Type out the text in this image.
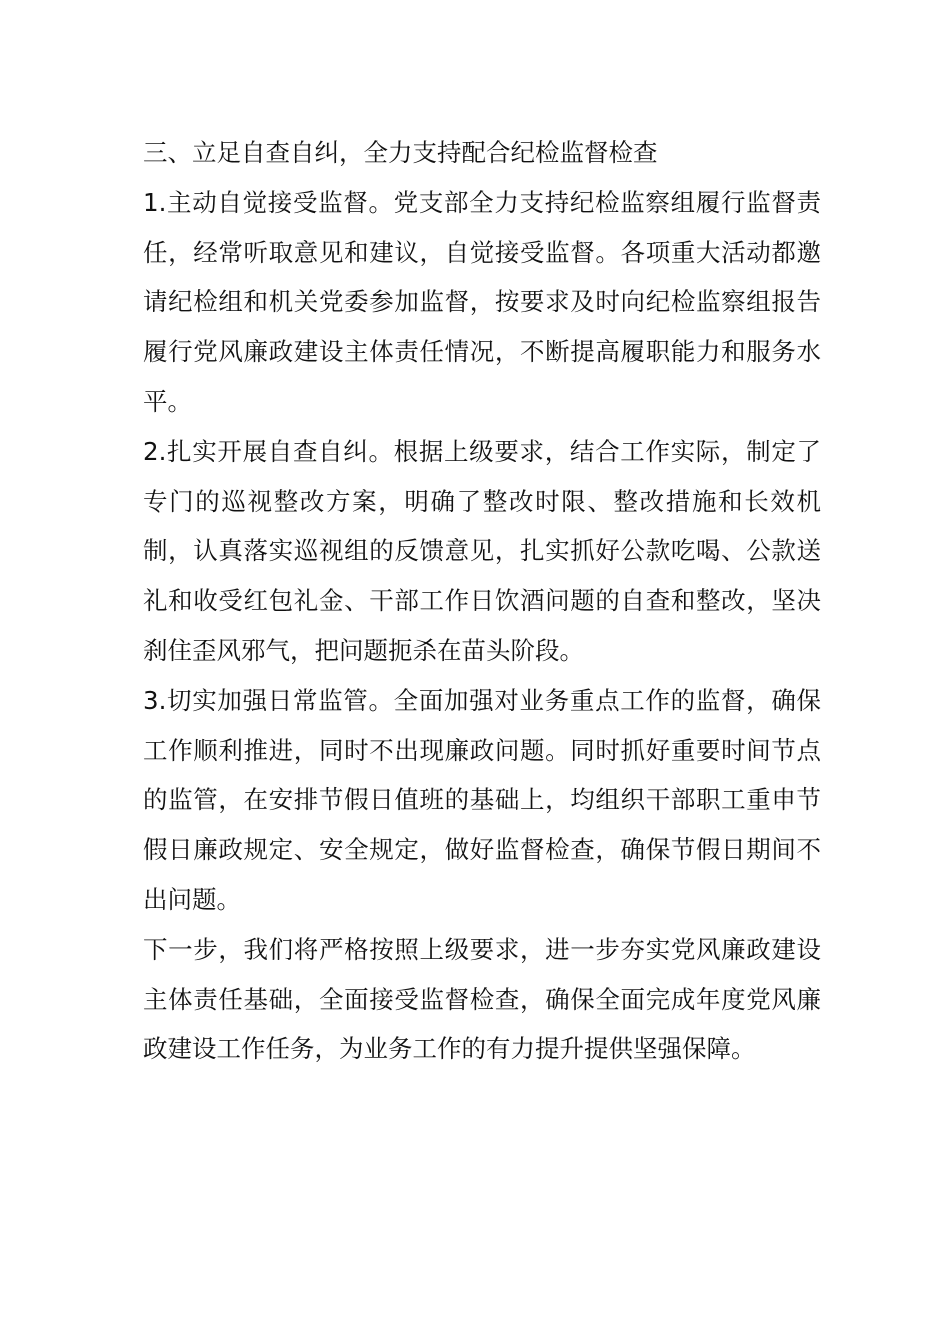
三、立足自查自纠，全力支持配合纪检监督检查

1.主动自觉接受监督。党支部全力支持纪检监察组履行监督责任，经常听取意见和建议，自觉接受监督。各项重大活动都邀请纪检组和机关党委参加监督，按要求及时向纪检监察组报告履行党风廉政建设主体责任情况，不断提高履职能力和服务水平。

2.扎实开展自查自纠。根据上级要求，结合工作实际，制定了专门的巡视整改方案，明确了整改时限、整改措施和长效机制，认真落实巡视组的反馈意见，扎实抓好公款吃喝、公款送礼和收受红包礼金、干部工作日饮酒问题的自查和整改，坚决刹住歪风邪气，把问题扼杀在苗头阶段。

3.切实加强日常监管。全面加强对业务重点工作的监督，确保工作顺利推进，同时不出现廉政问题。同时抓好重要时间节点的监管，在安排节假日值班的基础上，均组织干部职工重申节假日廉政规定、安全规定，做好监督检查，确保节假日期间不出问题。

下一步，我们将严格按照上级要求，进一步夯实党风廉政建设主体责任基础，全面接受监督检查，确保全面完成年度党风廉政建设工作任务，为业务工作的有力提升提供坚强保障。
